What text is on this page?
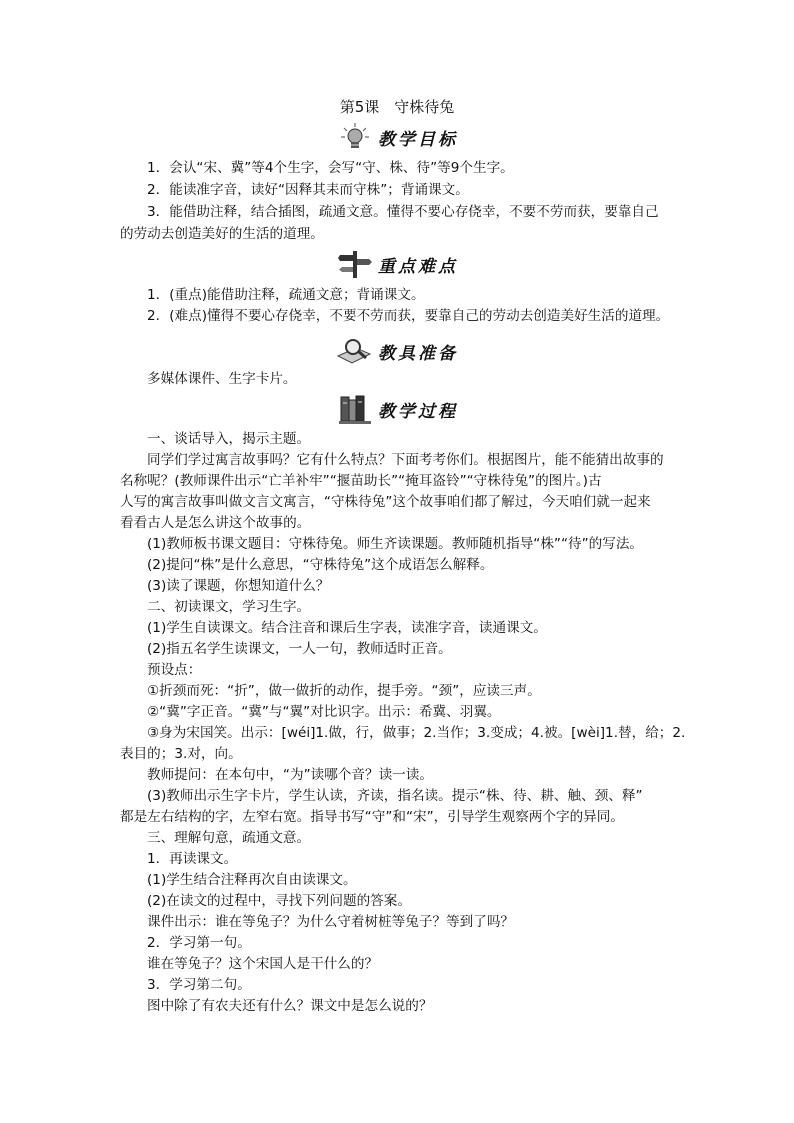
第5课　守株待兔
教学目标
1．会认“宋、冀”等4个生字，会写“守、株、待”等9个生字。
2．能读准字音，读好“因释其耒而守株”；背诵课文。
3．能借助注释，结合插图，疏通文意。懂得不要心存侥幸，不要不劳而获，要靠自己
的劳动去创造美好的生活的道理。
重点难点
1．(重点)能借助注释，疏通文意；背诵课文。
2．(难点)懂得不要心存侥幸，不要不劳而获，要靠自己的劳动去创造美好生活的道理。
教具准备
多媒体课件、生字卡片。
教学过程
一、谈话导入，揭示主题。
同学们学过寓言故事吗？它有什么特点？下面考考你们。根据图片，能不能猜出故事的
名称呢？(教师课件出示“亡羊补牢”“揠苗助长”“掩耳盗铃”“守株待兔”的图片。)古
人写的寓言故事叫做文言文寓言，“守株待兔”这个故事咱们都了解过，今天咱们就一起来
看看古人是怎么讲这个故事的。
(1)教师板书课文题目：守株待兔。师生齐读课题。教师随机指导“株”“待”的写法。
(2)提问“株”是什么意思，“守株待兔”这个成语怎么解释。
(3)读了课题，你想知道什么？
二、初读课文，学习生字。
(1)学生自读课文。结合注音和课后生字表，读准字音，读通课文。
(2)指五名学生读课文，一人一句，教师适时正音。
预设点：
①折颈而死：“折”，做一做折的动作，提手旁。“颈”，应读三声。
②“冀”字正音。“冀”与“翼”对比识字。出示：希冀、羽翼。
③身为宋国笑。出示：[wéi]1.做，行，做事；2.当作；3.变成；4.被。[wèi]1.替，给；2.
表目的；3.对，向。
教师提问：在本句中，“为”读哪个音？读一读。
(3)教师出示生字卡片，学生认读，齐读，指名读。提示“株、待、耕、触、颈、释”
都是左右结构的字，左窄右宽。指导书写“守”和“宋”，引导学生观察两个字的异同。
三、理解句意，疏通文意。
1．再读课文。
(1)学生结合注释再次自由读课文。
(2)在读文的过程中，寻找下列问题的答案。
课件出示：谁在等兔子？为什么守着树桩等兔子？等到了吗？
2．学习第一句。
谁在等兔子？这个宋国人是干什么的？
3．学习第二句。
图中除了有农夫还有什么？课文中是怎么说的？
